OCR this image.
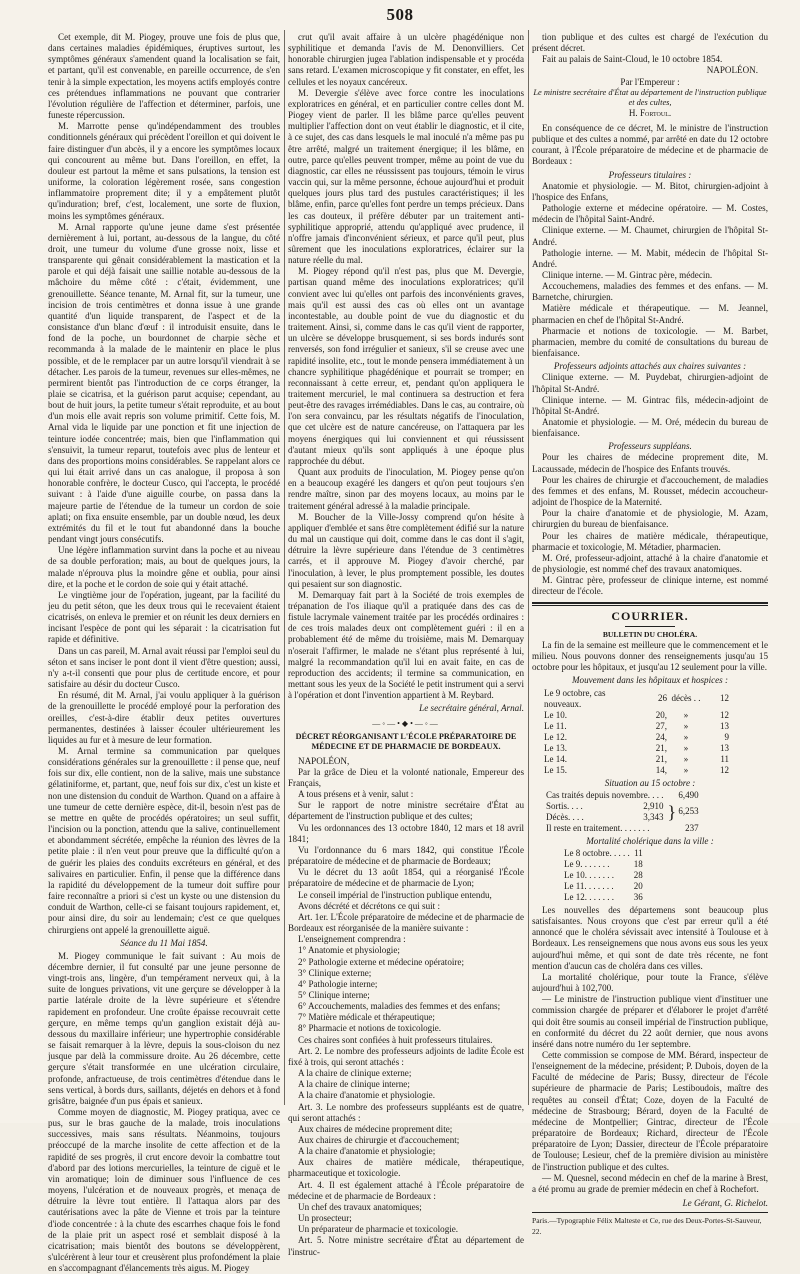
508

Cet exemple, dit M. Piogey, prouve une fois de plus que, dans certaines maladies épidémiques, éruptives surtout, les symptômes généraux s'amendent quand la localisation se fait, et partant, qu'il est convenable, en pareille occurrence, de s'en tenir à la simple expectation, les moyens actifs employés contre ces prétendues inflammations ne pouvant que contrarier l'évolution régulière de l'affection et déterminer, parfois, une funeste répercussion.

M. Marrotte pense qu'indépendamment des troubles conditionnels généraux qui précèdent l'oreillon et qui doivent le faire distinguer d'un abcès, il y a encore les symptômes locaux qui concourent au même but. Dans l'oreillon, en effet, la douleur est partout la même et sans pulsations, la tension est uniforme, la coloration légèrement rosée, sans congestion inflammatoire proprement dite; il y a empâtement plutôt qu'induration; bref, c'est, localement, une sorte de fluxion, moins les symptômes généraux.

M. Arnal rapporte qu'une jeune dame s'est présentée dernièrement à lui, portant, au-dessous de la langue, du côté droit, une tumeur du volume d'une grosse noix, lisse et transparente qui gênait considérablement la mastication et la parole et qui déjà faisait une saillie notable au-dessous de la mâchoire du même côté : c'était, évidemment, une grenouillette. Séance tenante, M. Arnal fit, sur la tumeur, une incision de trois centimètres et donna issue à une grande quantité d'un liquide transparent, de l'aspect et de la consistance d'un blanc d'œuf : il introduisit ensuite, dans le fond de la poche, un bourdonnet de charpie sèche et recommanda à la malade de le maintenir en place le plus possible, et de le remplacer par un autre lorsqu'il viendrait à se détacher. Les parois de la tumeur, revenues sur elles-mêmes, ne permirent bientôt pas l'introduction de ce corps étranger, la plaie se cicatrisa, et la guérison parut acquise; cependant, au bout de huit jours, la petite tumeur s'était reproduite, et au bout d'un mois elle avait repris son volume primitif. Cette fois, M. Arnal vida le liquide par une ponction et fit une injection de teinture iodée concentrée; mais, bien que l'inflammation qui s'ensuivit, la tumeur reparut, toutefois avec plus de lenteur et dans des proportions moins considérables. Se rappelant alors ce qui lui était arrivé dans un cas analogue, il proposa à son honorable confrère, le docteur Cusco, qui l'accepta, le procédé suivant : à l'aide d'une aiguille courbe, on passa dans la majeure partie de l'étendue de la tumeur un cordon de soie aplati; on fixa ensuite ensemble, par un double nœud, les deux extrémités du fil et le tout fut abandonné dans la bouche pendant vingt jours consécutifs.

Une légère inflammation survint dans la poche et au niveau de sa double perforation; mais, au bout de quelques jours, la malade n'éprouva plus la moindre gêne et oublia, pour ainsi dire, et la poche et le cordon de soie qui y était attaché.

Le vingtième jour de l'opération, jugeant, par la facilité du jeu du petit séton, que les deux trous qui le recevaient étaient cicatrisés, on enleva le premier et on réunit les deux derniers en incisant l'espèce de pont qui les séparait : la cicatrisation fut rapide et définitive.

Dans un cas pareil, M. Arnal avait réussi par l'emploi seul du séton et sans inciser le pont dont il vient d'être question; aussi, n'y a-t-il consenti que pour plus de certitude encore, et pour satisfaire au désir du docteur Cusco.

En résumé, dit M. Arnal, j'ai voulu appliquer à la guérison de la grenouillette le procédé employé pour la perforation des oreilles, c'est-à-dire établir deux petites ouvertures permanentes, destinées à laisser écouler ultérieurement les liquides au fur et à mesure de leur formation.

M. Arnal termine sa communication par quelques considérations générales sur la grenouillette : il pense que, neuf fois sur dix, elle contient, non de la salive, mais une substance gélatiniforme, et, partant, que, neuf fois sur dix, c'est un kiste et non une distension du conduit de Warthon. Quand on a affaire à une tumeur de cette dernière espèce, dit-il, besoin n'est pas de se mettre en quête de procédés opératoires; un seul suffit, l'incision ou la ponction, attendu que la salive, continuellement et abondamment sécrétée, empêche la réunion des lèvres de la petite plaie : il n'en veut pour preuve que la difficulté qu'on a de guérir les plaies des conduits excréteurs en général, et des salivaires en particulier. Enfin, il pense que la différence dans la rapidité du développement de la tumeur doit suffire pour faire reconnaître a priori si c'est un kyste ou une distension du conduit de Warthon, celle-ci se faisant toujours rapidement, et, pour ainsi dire, du soir au lendemain; c'est ce que quelques chirurgiens ont appelé la grenouillette aiguë.

Séance du 11 Mai 1854.

M. Piogey communique le fait suivant : Au mois de décembre dernier, il fut consulté par une jeune personne de vingt-trois ans, lingère, d'un tempérament nerveux qui, à la suite de longues privations, vit une gerçure se développer à la partie latérale droite de la lèvre supérieure et s'étendre rapidement en profondeur. Une croûte épaisse recouvrait cette gerçure, en même temps qu'un ganglion existait déjà au-dessous du maxillaire inférieur; une hypertrophie considérable se faisait remarquer à la lèvre, depuis la sous-cloison du nez jusque par delà la commissure droite. Au 26 décembre, cette gerçure s'était transformée en une ulcération circulaire, profonde, anfractueuse, de trois centimètres d'étendue dans le sens vertical, à bords durs, saillants, déjetés en dehors et à fond grisâtre, baignée d'un pus épais et sanieux.

Comme moyen de diagnostic, M. Piogey pratiqua, avec ce pus, sur le bras gauche de la malade, trois inoculations successives, mais sans résultats. Néanmoins, toujours préoccupé de la marche insolite de cette affection et de la rapidité de ses progrès, il crut encore devoir la combattre tout d'abord par des lotions mercurielles, la teinture de ciguë et le vin aromatique; loin de diminuer sous l'influence de ces moyens, l'ulcération et de nouveaux progrès, et menaça de détruire la lèvre tout entière. Il l'attaqua alors par des cautérisations avec la pâte de Vienne et trois par la teinture d'iode concentrée : à la chute des escarrhes chaque fois le fond de la plaie prit un aspect rosé et semblait disposé à la cicatrisation; mais bientôt des boutons se développèrent, s'ulcérèrent à leur tour et creusèrent plus profondément la plaie en s'accompagnant d'élancements très aigus. M. Piogey

crut qu'il avait affaire à un ulcère phagédénique non syphilitique et demanda l'avis de M. Denonvilliers. Cet honorable chirurgien jugea l'ablation indispensable et y procéda sans retard. L'examen microscopique y fit constater, en effet, les cellules et les noyaux cancéreux.

M. Devergie s'élève avec force contre les inoculations exploratrices en général, et en particulier contre celles dont M. Piogey vient de parler. Il les blâme parce qu'elles peuvent multiplier l'affection dont on veut établir le diagnostic, et il cite, à ce sujet, des cas dans lesquels le mal inoculé n'a même pas pu être arrêté, malgré un traitement énergique; il les blâme, en outre, parce qu'elles peuvent tromper, même au point de vue du diagnostic, car elles ne réussissent pas toujours, témoin le virus vaccin qui, sur la même personne, échoue aujourd'hui et produit quelques jours plus tard des pustules caractéristiques; il les blâme, enfin, parce qu'elles font perdre un temps précieux. Dans les cas douteux, il préfère débuter par un traitement anti-syphilitique approprié, attendu qu'appliqué avec prudence, il n'offre jamais d'inconvénient sérieux, et parce qu'il peut, plus sûrement que les inoculations exploratrices, éclairer sur la nature réelle du mal.

M. Piogey répond qu'il n'est pas, plus que M. Devergie, partisan quand même des inoculations exploratrices; qu'il convient avec lui qu'elles ont parfois des inconvénients graves, mais qu'il est aussi des cas où elles ont un avantage incontestable, au double point de vue du diagnostic et du traitement. Ainsi, si, comme dans le cas qu'il vient de rapporter, un ulcère se développe brusquement, si ses bords indurés sont renversés, son fond irrégulier et sanieux, s'il se creuse avec une rapidité insolite, etc., tout le monde pensera immédiatement à un chancre syphilitique phagédénique et pourrait se tromper; en reconnaissant à cette erreur, et, pendant qu'on appliquera le traitement mercuriel, le mal continuera sa destruction et fera peut-être des ravages irrémédiables. Dans le cas, au contraire, où l'on sera convaincu, par les résultats négatifs de l'inoculation, que cet ulcère est de nature cancéreuse, on l'attaquera par les moyens énergiques qui lui conviennent et qui réussissent d'autant mieux qu'ils sont appliqués à une époque plus rapprochée du début.

Quant aux produits de l'inoculation, M. Piogey pense qu'on en a beaucoup exagéré les dangers et qu'on peut toujours s'en rendre maître, sinon par des moyens locaux, au moins par le traitement général adressé à la maladie principale.

M. Boucher de la Ville-Jossy comprend qu'on hésite à appliquer d'emblée et sans être complètement édifié sur la nature du mal un caustique qui doit, comme dans le cas dont il s'agit, détruire la lèvre supérieure dans l'étendue de 3 centimètres carrés, et il approuve M. Piogey d'avoir cherché, par l'inoculation, à lever, le plus promptement possible, les doutes qui pesaient sur son diagnostic.

M. Demarquay fait part à la Société de trois exemples de trépanation de l'os iliaque qu'il a pratiquée dans des cas de fistule lacrymale vainement traitée par les procédés ordinaires : de ces trois malades deux ont complètement guéri : il en a probablement été de même du troisième, mais M. Demarquay n'oserait l'affirmer, le malade ne s'étant plus représenté à lui, malgré la recommandation qu'il lui en avait faite, en cas de reproduction des accidents; il termine sa communication, en mettant sous les yeux de la Société le petit instrument qui a servi à l'opération et dont l'invention appartient à M. Reybard.

Le secrétaire général, Arnal.

—◦—•◆•—◦—

DÉCRET RÉORGANISANT L'ÉCOLE PRÉPARATOIRE DE MÉDECINE ET DE PHARMACIE DE BORDEAUX.

NAPOLÉON,

Par la grâce de Dieu et la volonté nationale, Empereur des Français,

A tous présens et à venir, salut :

Sur le rapport de notre ministre secrétaire d'État au département de l'instruction publique et des cultes;

Vu les ordonnances des 13 octobre 1840, 12 mars et 18 avril 1841;

Vu l'ordonnance du 6 mars 1842, qui constitue l'École préparatoire de médecine et de pharmacie de Bordeaux;

Vu le décret du 13 août 1854, qui a réorganisé l'École préparatoire de médecine et de pharmacie de Lyon;

Le conseil impérial de l'instruction publique entendu,

Avons décrété et décrétons ce qui suit :

Art. 1er. L'École préparatoire de médecine et de pharmacie de Bordeaux est réorganisée de la manière suivante :

L'enseignement comprendra :

1° Anatomie et physiologie;

2° Pathologie externe et médecine opératoire;

3° Clinique externe;

4° Pathologie interne;

5° Clinique interne;

6° Accouchements, maladies des femmes et des enfans;

7° Matière médicale et thérapeutique;

8° Pharmacie et notions de toxicologie.

Ces chaires sont confiées à huit professeurs titulaires.

Art. 2. Le nombre des professeurs adjoints de ladite École est fixé à trois, qui seront attachés :

A la chaire de clinique externe;

A la chaire de clinique interne;

A la chaire d'anatomie et physiologie.

Art. 3. Le nombre des professeurs suppléants est de quatre, qui seront attachés :

Aux chaires de médecine proprement dite;

Aux chaires de chirurgie et d'accouchement;

A la chaire d'anatomie et physiologie;

Aux chaires de matière médicale, thérapeutique, pharmaceutique et toxicologie.

Art. 4. Il est également attaché à l'École préparatoire de médecine et de pharmacie de Bordeaux :

Un chef des travaux anatomiques;

Un prosecteur;

Un préparateur de pharmacie et toxicologie.

Art. 5. Notre ministre secrétaire d'État au département de l'instruc-

tion publique et des cultes est chargé de l'exécution du présent décret.

Fait au palais de Saint-Cloud, le 10 octobre 1854.

NAPOLÉON.

Par l'Empereur :

Le ministre secrétaire d'État au département de l'instruction publique et des cultes,

H. Fortoul.

En conséquence de ce décret, M. le ministre de l'instruction publique et des cultes a nommé, par arrêté en date du 12 octobre courant, à l'École préparatoire de médecine et de pharmacie de Bordeaux :

Professeurs titulaires :

Anatomie et physiologie. — M. Bitot, chirurgien-adjoint à l'hospice des Enfans,

Pathologie externe et médecine opératoire. — M. Costes, médecin de l'hôpital Saint-André.

Clinique externe. — M. Chaumet, chirurgien de l'hôpital St-André.

Pathologie interne. — M. Mabit, médecin de l'hôpital St-André.

Clinique interne. — M. Gintrac père, médecin.

Accouchemens, maladies des femmes et des enfans. — M. Barnetche, chirurgien.

Matière médicale et thérapeutique. — M. Jeannel, pharmacien en chef de l'hôpital St-André.

Pharmacie et notions de toxicologie. — M. Barbet, pharmacien, membre du comité de consultations du bureau de bienfaisance.

Professeurs adjoints attachés aux chaires suivantes :

Clinique externe. — M. Puydebat, chirurgien-adjoint de l'hôpital St-André.

Clinique interne. — M. Gintrac fils, médecin-adjoint de l'hôpital St-André.

Anatomie et physiologie. — M. Oré, médecin du bureau de bienfaisance.

Professeurs suppléans.

Pour les chaires de médecine proprement dite, M. Lacaussade, médecin de l'hospice des Enfants trouvés.

Pour les chaires de chirurgie et d'accouchement, de maladies des femmes et des enfans, M. Rousset, médecin accoucheur-adjoint de l'hospice de la Maternité.

Pour la chaire d'anatomie et de physiologie, M. Azam, chirurgien du bureau de bienfaisance.

Pour les chaires de matière médicale, thérapeutique, pharmacie et toxicologie, M. Métadier, pharmacien.

M. Oré, professeur-adjoint, attaché à la chaire d'anatomie et de physiologie, est nommé chef des travaux anatomiques.

M. Gintrac père, professeur de clinique interne, est nommé directeur de l'école.

COURRIER.

BULLETIN DU CHOLÉRA.

La fin de la semaine est meilleure que le commencement et le milieu. Nous pouvons donner des renseignements jusqu'au 15 octobre pour les hôpitaux, et jusqu'au 12 seulement pour la ville.

Mouvement dans les hôpitaux et hospices :

Le 9 octobre, cas nouveaux.	26	décès . .	12
Le 10.	20,	»	12
Le 11.	27,	»	13
Le 12.	24,	»	9
Le 13.	21,	»	13
Le 14.	21,	»	11
Le 15.	14,	»	12

Situation au 15 octobre :

Cas traités depuis novembre. . . .		6,490
Sortis. . . .	2,910	} 6,253
Décès. . . .	3,343	
Il reste en traitement. . . . . . .		237

Mortalité cholérique dans la ville :

Le 8 octobre. . . . .	11
Le 9. . . . . . .	18
Le 10. . . . . . .	28
Le 11. . . . . . .	20
Le 12. . . . . . .	36

Les nouvelles des départemens sont beaucoup plus satisfaisantes. Nous croyons que c'est par erreur qu'il a été annoncé que le choléra sévissait avec intensité à Toulouse et à Bordeaux. Les renseignemens que nous avons eus sous les yeux aujourd'hui même, et qui sont de date très récente, ne font mention d'aucun cas de choléra dans ces villes.

La mortalité cholérique, pour toute la France, s'élève aujourd'hui à 102,700.

— Le ministre de l'instruction publique vient d'instituer une commission chargée de préparer et d'élaborer le projet d'arrêté qui doit être soumis au conseil impérial de l'instruction publique, en conformité du décret du 22 août dernier, que nous avons inséré dans notre numéro du 1er septembre.

Cette commission se compose de MM. Bérard, inspecteur de l'enseignement de la médecine, président; P. Dubois, doyen de la Faculté de médecine de Paris; Bussy, directeur de l'école supérieure de pharmacie de Paris; Lestiboudois, maître des requêtes au conseil d'État; Coze, doyen de la Faculté de médecine de Strasbourg; Bérard, doyen de la Faculté de médecine de Montpellier; Gintrac, directeur de l'École préparatoire de Bordeaux; Richard, directeur de l'École préparatoire de Lyon; Dassier, directeur de l'École préparatoire de Toulouse; Lesieur, chef de la première division au ministère de l'instruction publique et des cultes.

— M. Quesnel, second médecin en chef de la marine à Brest, a été promu au grade de premier médecin en chef à Rochefort.

Le Gérant, G. Richelot.

Paris.—Typographie Félix Malteste et Ce, rue des Deux-Portes-St-Sauveur, 22.
